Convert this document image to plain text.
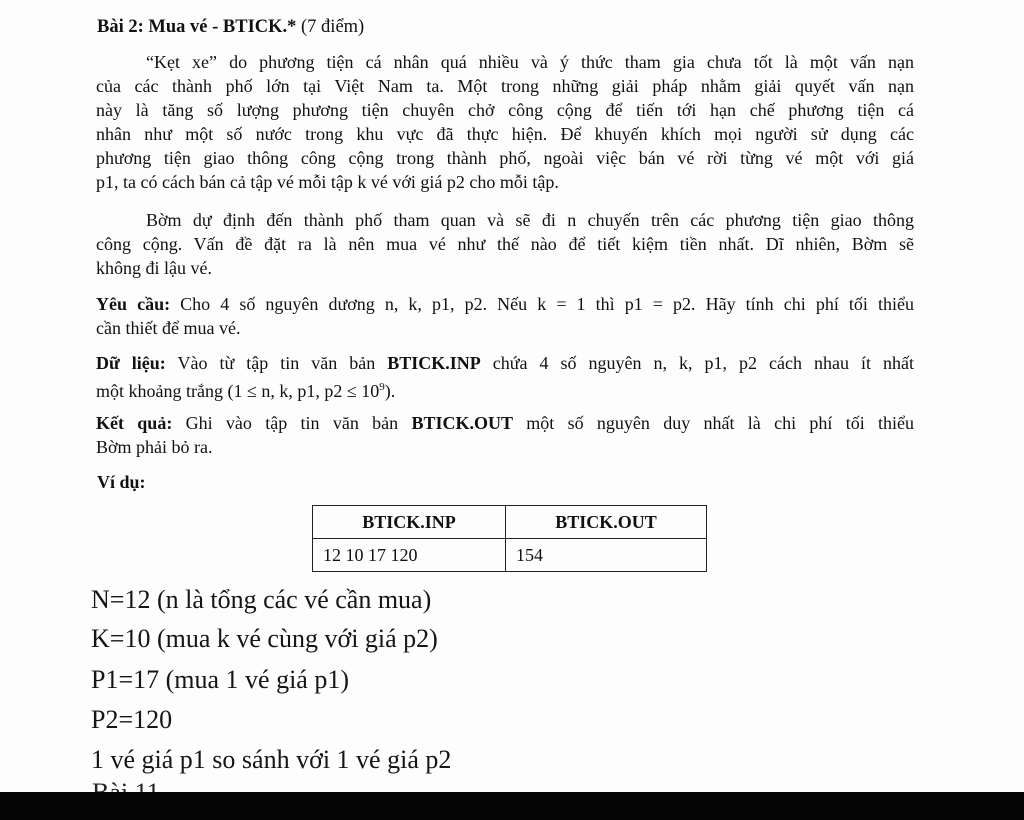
Bài 2: Mua vé - BTICK.* (7 điểm)

“Kẹt xe” do phương tiện cá nhân quá nhiều và ý thức tham gia chưa tốt là một vấn nạn
của các thành phố lớn tại Việt Nam ta. Một trong những giải pháp nhằm giải quyết vấn nạn
này là tăng số lượng phương tiện chuyên chở công cộng để tiến tới hạn chế phương tiện cá
nhân như một số nước trong khu vực đã thực hiện. Để khuyến khích mọi người sử dụng các
phương tiện giao thông công cộng trong thành phố, ngoài việc bán vé rời từng vé một với giá
p1, ta có cách bán cả tập vé mỗi tập k vé với giá p2 cho mỗi tập.

Bờm dự định đến thành phố tham quan và sẽ đi n chuyến trên các phương tiện giao thông
công cộng. Vấn đề đặt ra là nên mua vé như thế nào để tiết kiệm tiền nhất. Dĩ nhiên, Bờm sẽ
không đi lậu vé.

Yêu cầu: Cho 4 số nguyên dương n, k, p1, p2. Nếu k = 1 thì p1 = p2. Hãy tính chi phí tối thiểu
cần thiết để mua vé.

Dữ liệu: Vào từ tập tin văn bản BTICK.INP chứa 4 số nguyên n, k, p1, p2 cách nhau ít nhất
một khoảng trắng (1 ≤ n, k, p1, $p2 \le 10^9$).

Kết quả: Ghi vào tập tin văn bản BTICK.OUT một số nguyên duy nhất là chi phí tối thiểu
Bờm phải bỏ ra.

Ví dụ:
BTICK.INP	BTICK.OUT
12 10 17 120	154
N=12 (n là tổng các vé cần mua)
K=10 (mua k vé cùng với giá p2)
P1=17 (mua 1 vé giá p1)
P2=120
1 vé giá p1 so sánh với 1 vé giá p2
